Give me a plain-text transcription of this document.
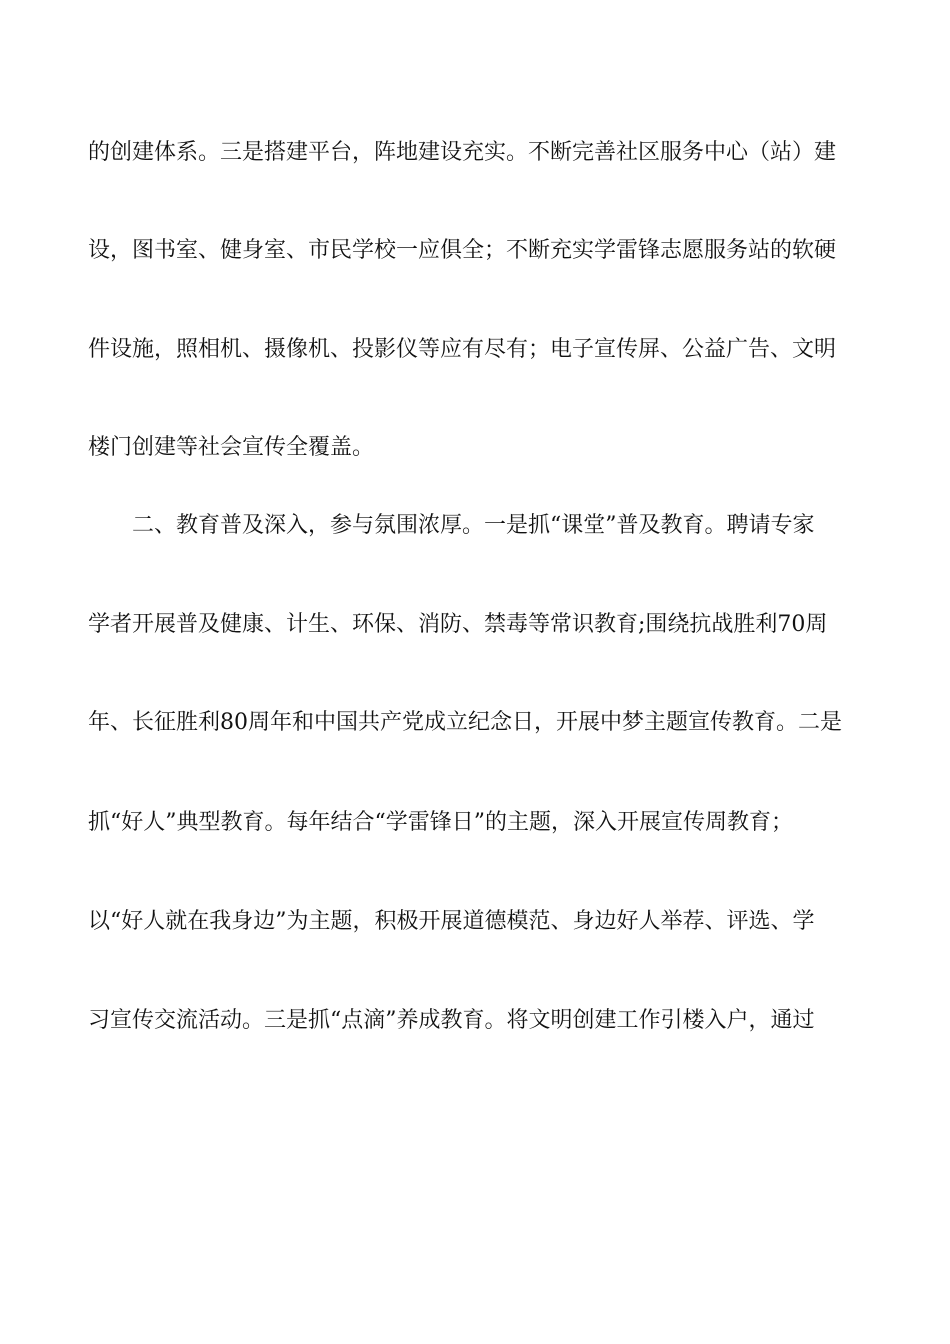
的创建体系。三是搭建平台，阵地建设充实。不断完善社区服务中心（站）建
设，图书室、健身室、市民学校一应俱全；不断充实学雷锋志愿服务站的软硬
件设施，照相机、摄像机、投影仪等应有尽有；电子宣传屏、公益广告、文明
楼门创建等社会宣传全覆盖。
二、教育普及深入，参与氛围浓厚。一是抓“课堂”普及教育。聘请专家
学者开展普及健康、计生、环保、消防、禁毒等常识教育;围绕抗战胜利70周
年、长征胜利80周年和中国共产党成立纪念日，开展中梦主题宣传教育。二是
抓“好人”典型教育。每年结合“学雷锋日”的主题，深入开展宣传周教育；
以“好人就在我身边”为主题，积极开展道德模范、身边好人举荐、评选、学
习宣传交流活动。三是抓“点滴”养成教育。将文明创建工作引楼入户，通过
